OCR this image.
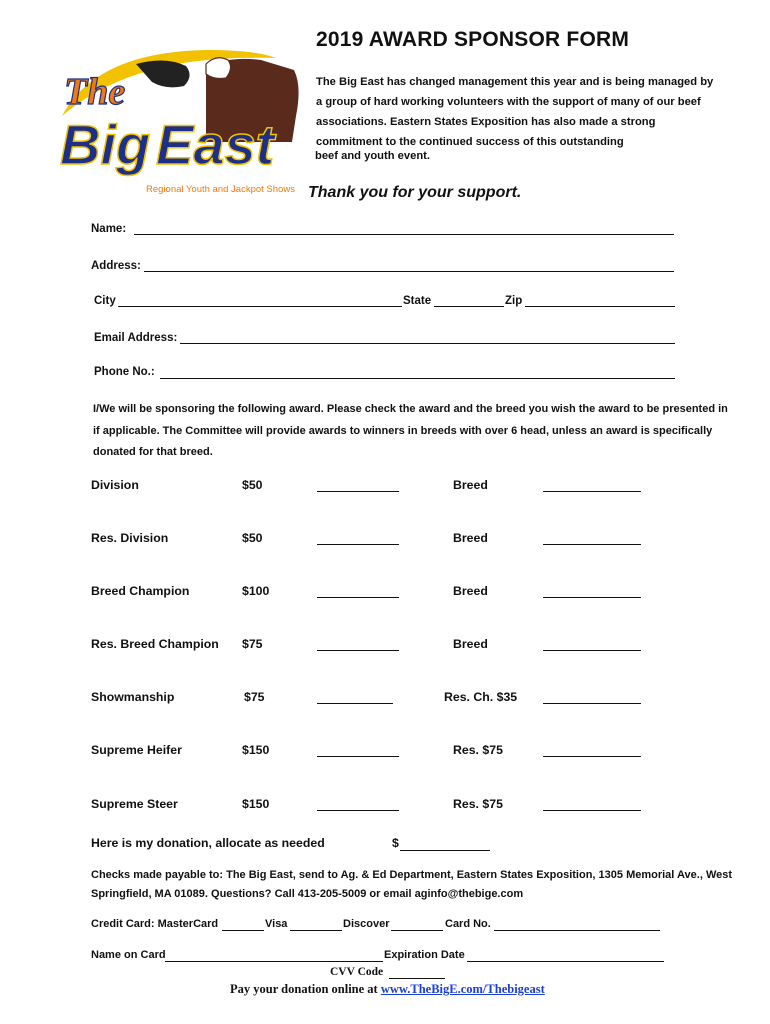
The
Big East
Regional Youth and Jackpot Shows
2019 AWARD SPONSOR FORM
The Big East has changed management this year and is being managed by a group of hard working volunteers with the support of many of our beef associations. Eastern States Exposition has also made a strong commitment to the continued success of this outstanding
beef and youth event.
Thank you for your support.
Name:
Address:
City	State	Zip
Email Address:
Phone No.:
I/We will be sponsoring the following award. Please check the award and the breed you wish the award to be presented in if applicable. The Committee will provide awards to winners in breeds with over 6 head, unless an award is specifically donated for that breed.
Division	$50	Breed
Res. Division	$50	Breed
Breed Champion	$100	Breed
Res. Breed Champion $75	Breed
Showmanship	$75	Res. Ch. $35
Supreme Heifer	$150	Res. $75
Supreme Steer	$150	Res. $75
Here is my donation, allocate as needed	$
Checks made payable to: The Big East, send to Ag. & Ed Department, Eastern States Exposition, 1305 Memorial Ave., West Springfield, MA 01089. Questions? Call 413-205-5009 or email aginfo@thebige.com
Credit Card: MasterCard	Visa	Discover	Card No.
Name on Card	Expiration Date
CVV Code
Pay your donation online at www.TheBigE.com/Thebigeast
